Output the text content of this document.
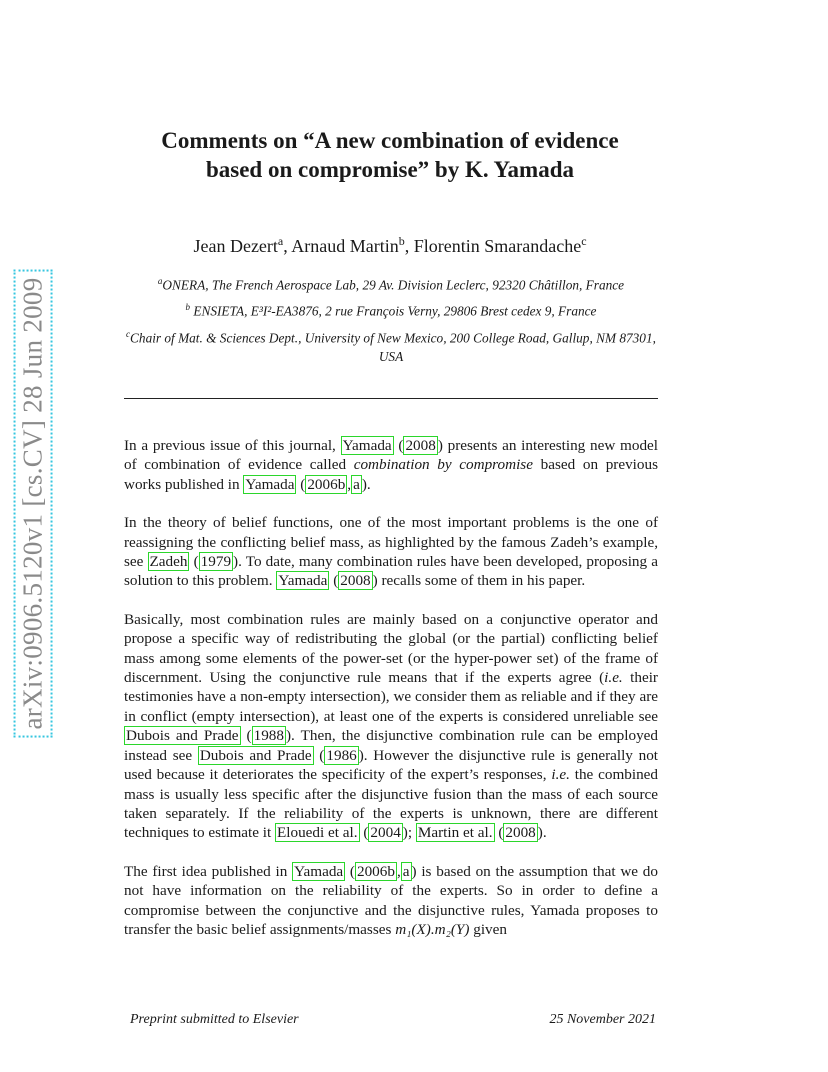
arXiv:0906.5120v1 [cs.CV] 28 Jun 2009
Comments on “A new combination of evidence
based on compromise” by K. Yamada
Jean Dezert$^a$, Arnaud Martin$^b$, Florentin Smarandache$^c$
$^a$ONERA, The French Aerospace Lab, 29 Av. Division Leclerc, 92320 Châtillon, France
$^b$ ENSIETA, E³I²-EA3876, 2 rue François Verny, 29806 Brest cedex 9, France
$^c$Chair of Mat. & Sciences Dept., University of New Mexico, 200 College Road, Gallup, NM 87301, USA

In a previous issue of this journal, Yamada ( 2008 ) presents an interesting new model of combination of evidence called combination by compromise based on previous works published in Yamada ( 2006b , a ).

In the theory of belief functions, one of the most important problems is the one of reassigning the conflicting belief mass, as highlighted by the famous Zadeh’s example, see Zadeh ( 1979 ). To date, many combination rules have been developed, proposing a solution to this problem. Yamada ( 2008 ) recalls some of them in his paper.

Basically, most combination rules are mainly based on a conjunctive operator and propose a specific way of redistributing the global (or the partial) conflicting belief mass among some elements of the power-set (or the hyper-power set) of the frame of discernment. Using the conjunctive rule means that if the experts agree (i.e. their testimonies have a non-empty intersection), we consider them as reliable and if they are in conflict (empty intersection), at least one of the experts is considered unreliable see Dubois and Prade ( 1988 ). Then, the disjunctive combination rule can be employed instead see Dubois and Prade ( 1986 ). However the disjunctive rule is generally not used because it deteriorates the specificity of the expert’s responses, i.e. the combined mass is usually less specific after the disjunctive fusion than the mass of each source taken separately. If the reliability of the experts is unknown, there are different techniques to estimate it Elouedi et al. ( 2004 ); Martin et al. ( 2008 ).

The first idea published in Yamada ( 2006b , a ) is based on the assumption that we do not have information on the reliability of the experts. So in order to define a compromise between the conjunctive and the disjunctive rules, Yamada proposes to transfer the basic belief assignments/masses m₁(X).m₂(Y) given

Preprint submitted to Elsevier	25 November 2021
